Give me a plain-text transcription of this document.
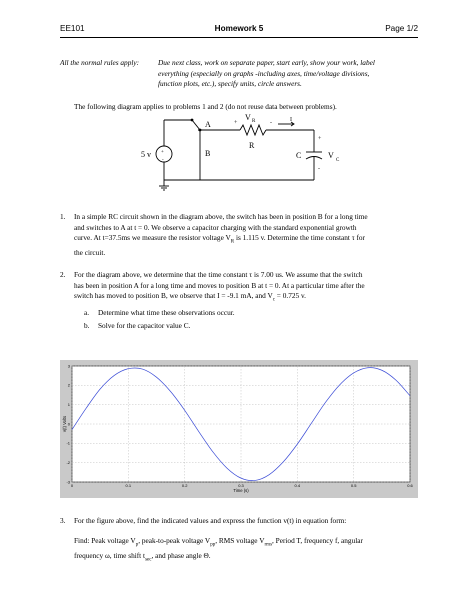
EE101	Homework 5	Page 1/2
All the normal rules apply:	Due next class, work on separate paper, start early, show your work, label
everything (especially on graphs -including axes, time/voltage divisions,
function plots, etc.), specify units, circle answers.
The following diagram applies to problems 1 and 2 (do not reuse data between problems).
5 v +
-
A
B
+
V R -	I
R
+
C	V
C
-
1. In a simple RC circuit shown in the diagram above, the switch has been in position B for a long time
and switches to A at t = 0. We observe a capacitor charging with the standard exponential growth
curve. At t=37.5ms we measure the resistor voltage $V_R$ is 1.115 v. Determine the time constant τ for
the circuit.
2. For the diagram above, we determine that the time constant τ is 7.00 us. We assume that the switch
has been in position A for a long time and moves to position B at t = 0. At a particular time after the
switch has moved to position B, we observe that I = -9.1 mA, and $V_c = 0.725$ v.
a. Determine what time these observations occur.
b. Solve for the capacitor value C.
-3
-2
-1
0
1
2
3
0	0.1	0.2	0.3	0.4	0.5	0.6
Time (s)
v(t) Volts
3. For the figure above, find the indicated values and express the function v(t) in equation form:
Find: Peak voltage $V_p$, peak-to-peak voltage $V_{pp}$, RMS voltage $V_{rms}$, Period T, frequency f, angular
frequency ω, time shift $t_{sec}$, and phase angle Θ.
